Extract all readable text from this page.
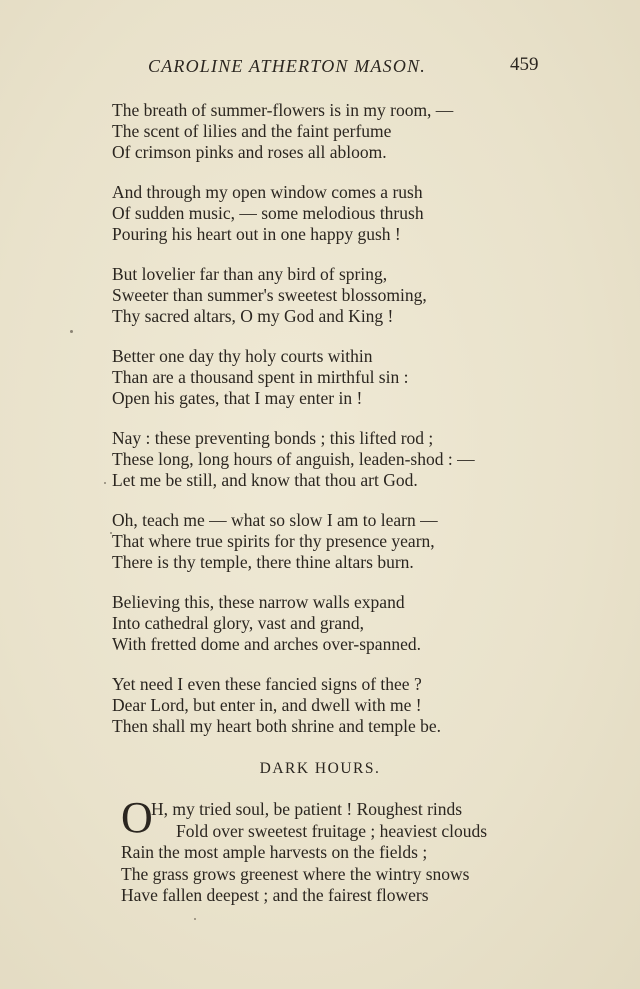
CAROLINE ATHERTON MASON.	459
The breath of summer-flowers is in my room, —
The scent of lilies and the faint perfume
Of crimson pinks and roses all abloom.
And through my open window comes a rush
Of sudden music, — some melodious thrush
Pouring his heart out in one happy gush !
But lovelier far than any bird of spring,
Sweeter than summer's sweetest blossoming,
Thy sacred altars, O my God and King !
Better one day thy holy courts within
Than are a thousand spent in mirthful sin :
Open his gates, that I may enter in !
Nay : these preventing bonds ; this lifted rod ;
These long, long hours of anguish, leaden-shod : —
Let me be still, and know that thou art God.
Oh, teach me — what so slow I am to learn —
That where true spirits for thy presence yearn,
There is thy temple, there thine altars burn.
Believing this, these narrow walls expand
Into cathedral glory, vast and grand,
With fretted dome and arches over-spanned.
Yet need I even these fancied signs of thee ?
Dear Lord, but enter in, and dwell with me !
Then shall my heart both shrine and temple be.
DARK HOURS.
O
H, my tried soul, be patient ! Roughest rinds
Fold over sweetest fruitage ; heaviest clouds
Rain the most ample harvests on the fields ;
The grass grows greenest where the wintry snows
Have fallen deepest ; and the fairest flowers
